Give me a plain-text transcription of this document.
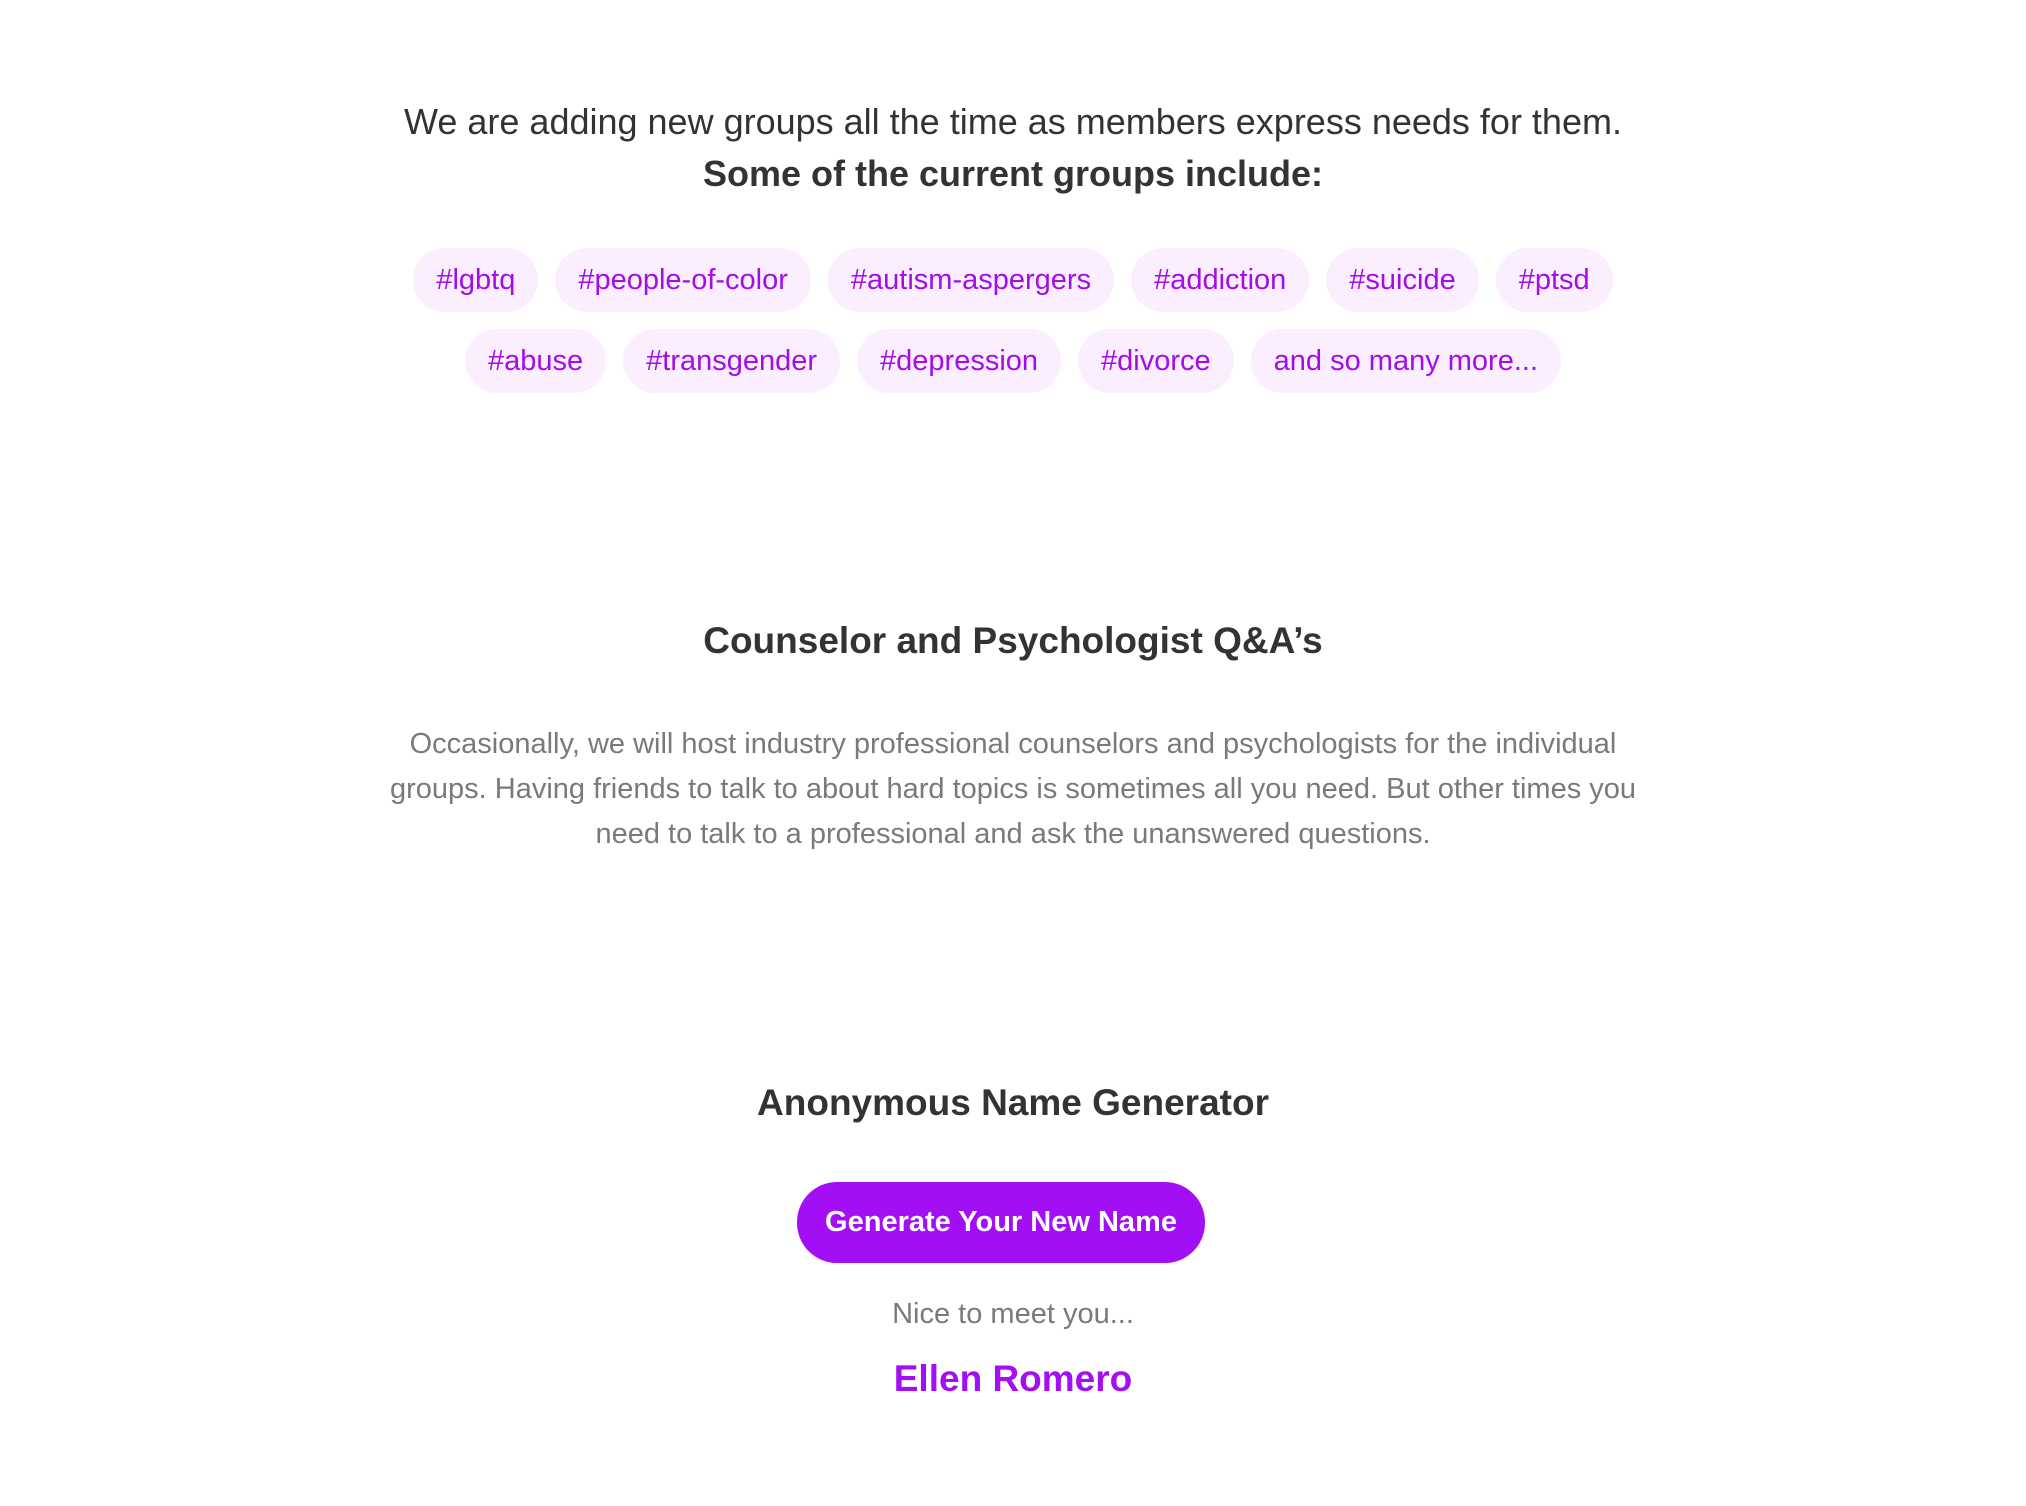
We are adding new groups all the time as members express needs for them.
Some of the current groups include:
#lgbtq	#people-of-color	#autism-aspergers	#addiction	#suicide	#ptsd
#abuse	#transgender	#depression	#divorce	and so many more...
Counselor and Psychologist Q&A’s
Occasionally, we will host industry professional counselors and psychologists for the individual groups. Having friends to talk to about hard topics is sometimes all you need. But other times you need to talk to a professional and ask the unanswered questions.
Anonymous Name Generator
Generate Your New Name
Nice to meet you...
Ellen Romero
